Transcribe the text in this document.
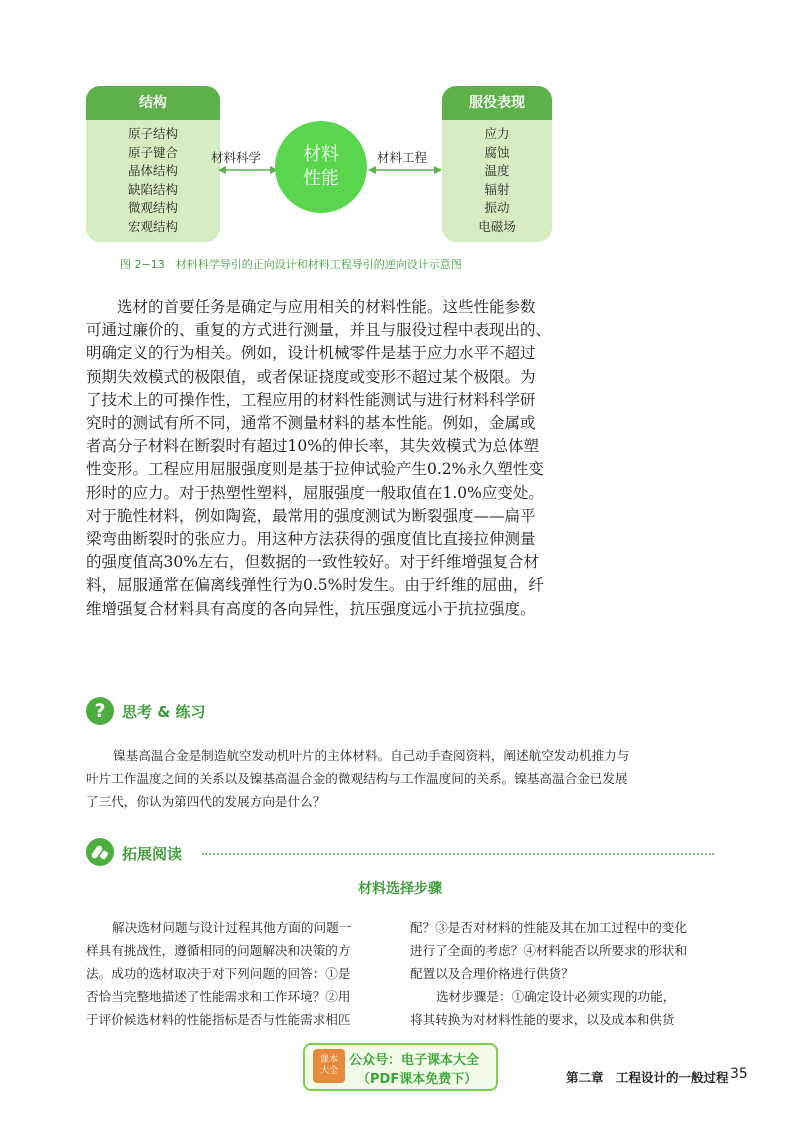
结构
原子结构
原子键合
晶体结构
缺陷结构
微观结构
宏观结构
材料科学	材料工程
材料
性能
服役表现
应力
腐蚀
温度
辐射
振动
电磁场
图 2−13　材料科学导引的正向设计和材料工程导引的逆向设计示意图

选材的首要任务是确定与应用相关的材料性能。这些性能参数
可通过廉价的、重复的方式进行测量，并且与服役过程中表现出的、
明确定义的行为相关。例如，设计机械零件是基于应力水平不超过
预期失效模式的极限值，或者保证挠度或变形不超过某个极限。为
了技术上的可操作性，工程应用的材料性能测试与进行材料科学研
究时的测试有所不同，通常不测量材料的基本性能。例如，金属或
者高分子材料在断裂时有超过10%的伸长率，其失效模式为总体塑
性变形。工程应用屈服强度则是基于拉伸试验产生0.2%永久塑性变
形时的应力。对于热塑性塑料，屈服强度一般取值在1.0%应变处。
对于脆性材料，例如陶瓷，最常用的强度测试为断裂强度——扁平
梁弯曲断裂时的张应力。用这种方法获得的强度值比直接拉伸测量
的强度值高30%左右，但数据的一致性较好。对于纤维增强复合材
料，屈服通常在偏离线弹性行为0.5%时发生。由于纤维的屈曲，纤
维增强复合材料具有高度的各向异性，抗压强度远小于抗拉强度。

?	思考 & 练习

镍基高温合金是制造航空发动机叶片的主体材料。自己动手查阅资料，阐述航空发动机推力与
叶片工作温度之间的关系以及镍基高温合金的微观结构与工作温度间的关系。镍基高温合金已发展
了三代，你认为第四代的发展方向是什么？

拓展阅读
材料选择步骤

解决选材问题与设计过程其他方面的问题一
样具有挑战性，遵循相同的问题解决和决策的方
法。成功的选材取决于对下列问题的回答：①是
否恰当完整地描述了性能需求和工作环境？②用
于评价候选材料的性能指标是否与性能需求相匹

配？③是否对材料的性能及其在加工过程中的变化
进行了全面的考虑？④材料能否以所要求的形状和
配置以及合理价格进行供货？
选材步骤是：①确定设计必须实现的功能，
将其转换为对材料性能的要求，以及成本和供货

课本
大全
公众号：电子课本大全
（PDF课本免费下）	第二章　工程设计的一般过程 35
